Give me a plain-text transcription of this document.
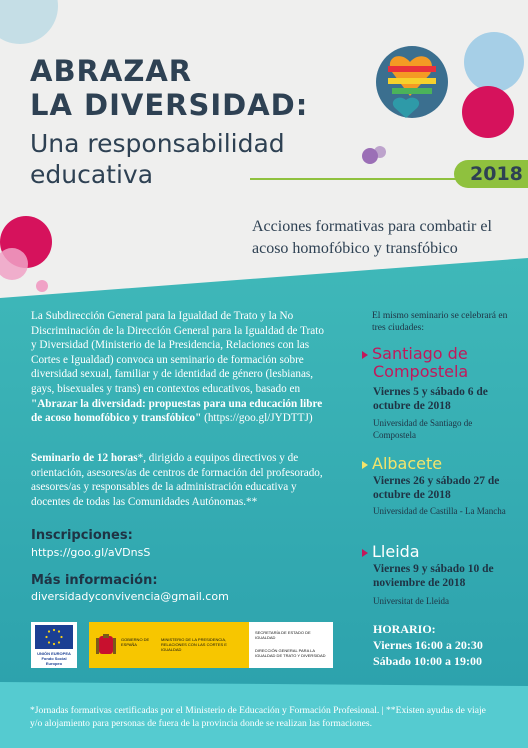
ABRAZAR
LA DIVERSIDAD:
Una responsabilidad educativa	2018
Acciones formativas para combatir el acoso homofóbico y transfóbico
La Subdirección General para la Igualdad de Trato y la No Discriminación de la Dirección General para la Igualdad de Trato y Diversidad (Ministerio de la Presidencia, Relaciones con las Cortes e Igualdad) convoca un seminario de formación sobre diversidad sexual, familiar y de identidad de género (lesbianas, gays, bisexuales y trans) en contextos educativos, basado en "Abrazar la diversidad: propuestas para una educación libre de acoso homofóbico y transfóbico" (https://goo.gl/JYDTTJ)
Seminario de 12 horas*, dirigido a equipos directivos y de orientación, asesores/as de centros de formación del profesorado, asesores/as y responsables de la administración educativa y docentes de todas las Comunidades Autónomas.**
Inscripciones:
https://goo.gl/aVDnsS
Más información:
diversidadyconvivencia@gmail.com
El mismo seminario se celebrará en tres ciudades:
Santiago de
Compostela
Viernes 5 y sábado 6 de octubre de 2018
Universidad de Santiago de Compostela
Albacete
Viernes 26 y sábado 27 de octubre de 2018
Universidad de Castilla - La Mancha
Lleida
Viernes 9 y sábado 10 de noviembre de 2018
Universitat de Lleida
HORARIO:
Viernes 16:00 a 20:30
Sábado 10:00 a 19:00
UNIÓN EUROPEA
Fondo Social Europeo
GOBIERNO DE ESPAÑA
MINISTERIO DE LA PRESIDENCIA, RELACIONES CON LAS CORTES E IGUALDAD
SECRETARÍA DE ESTADO DE IGUALDAD
DIRECCIÓN GENERAL PARA LA IGUALDAD DE TRATO Y DIVERSIDAD
*Jornadas formativas certificadas por el Ministerio de Educación y Formación Profesional. | **Existen ayudas de viaje y/o alojamiento para personas de fuera de la provincia donde se realizan las formaciones.
